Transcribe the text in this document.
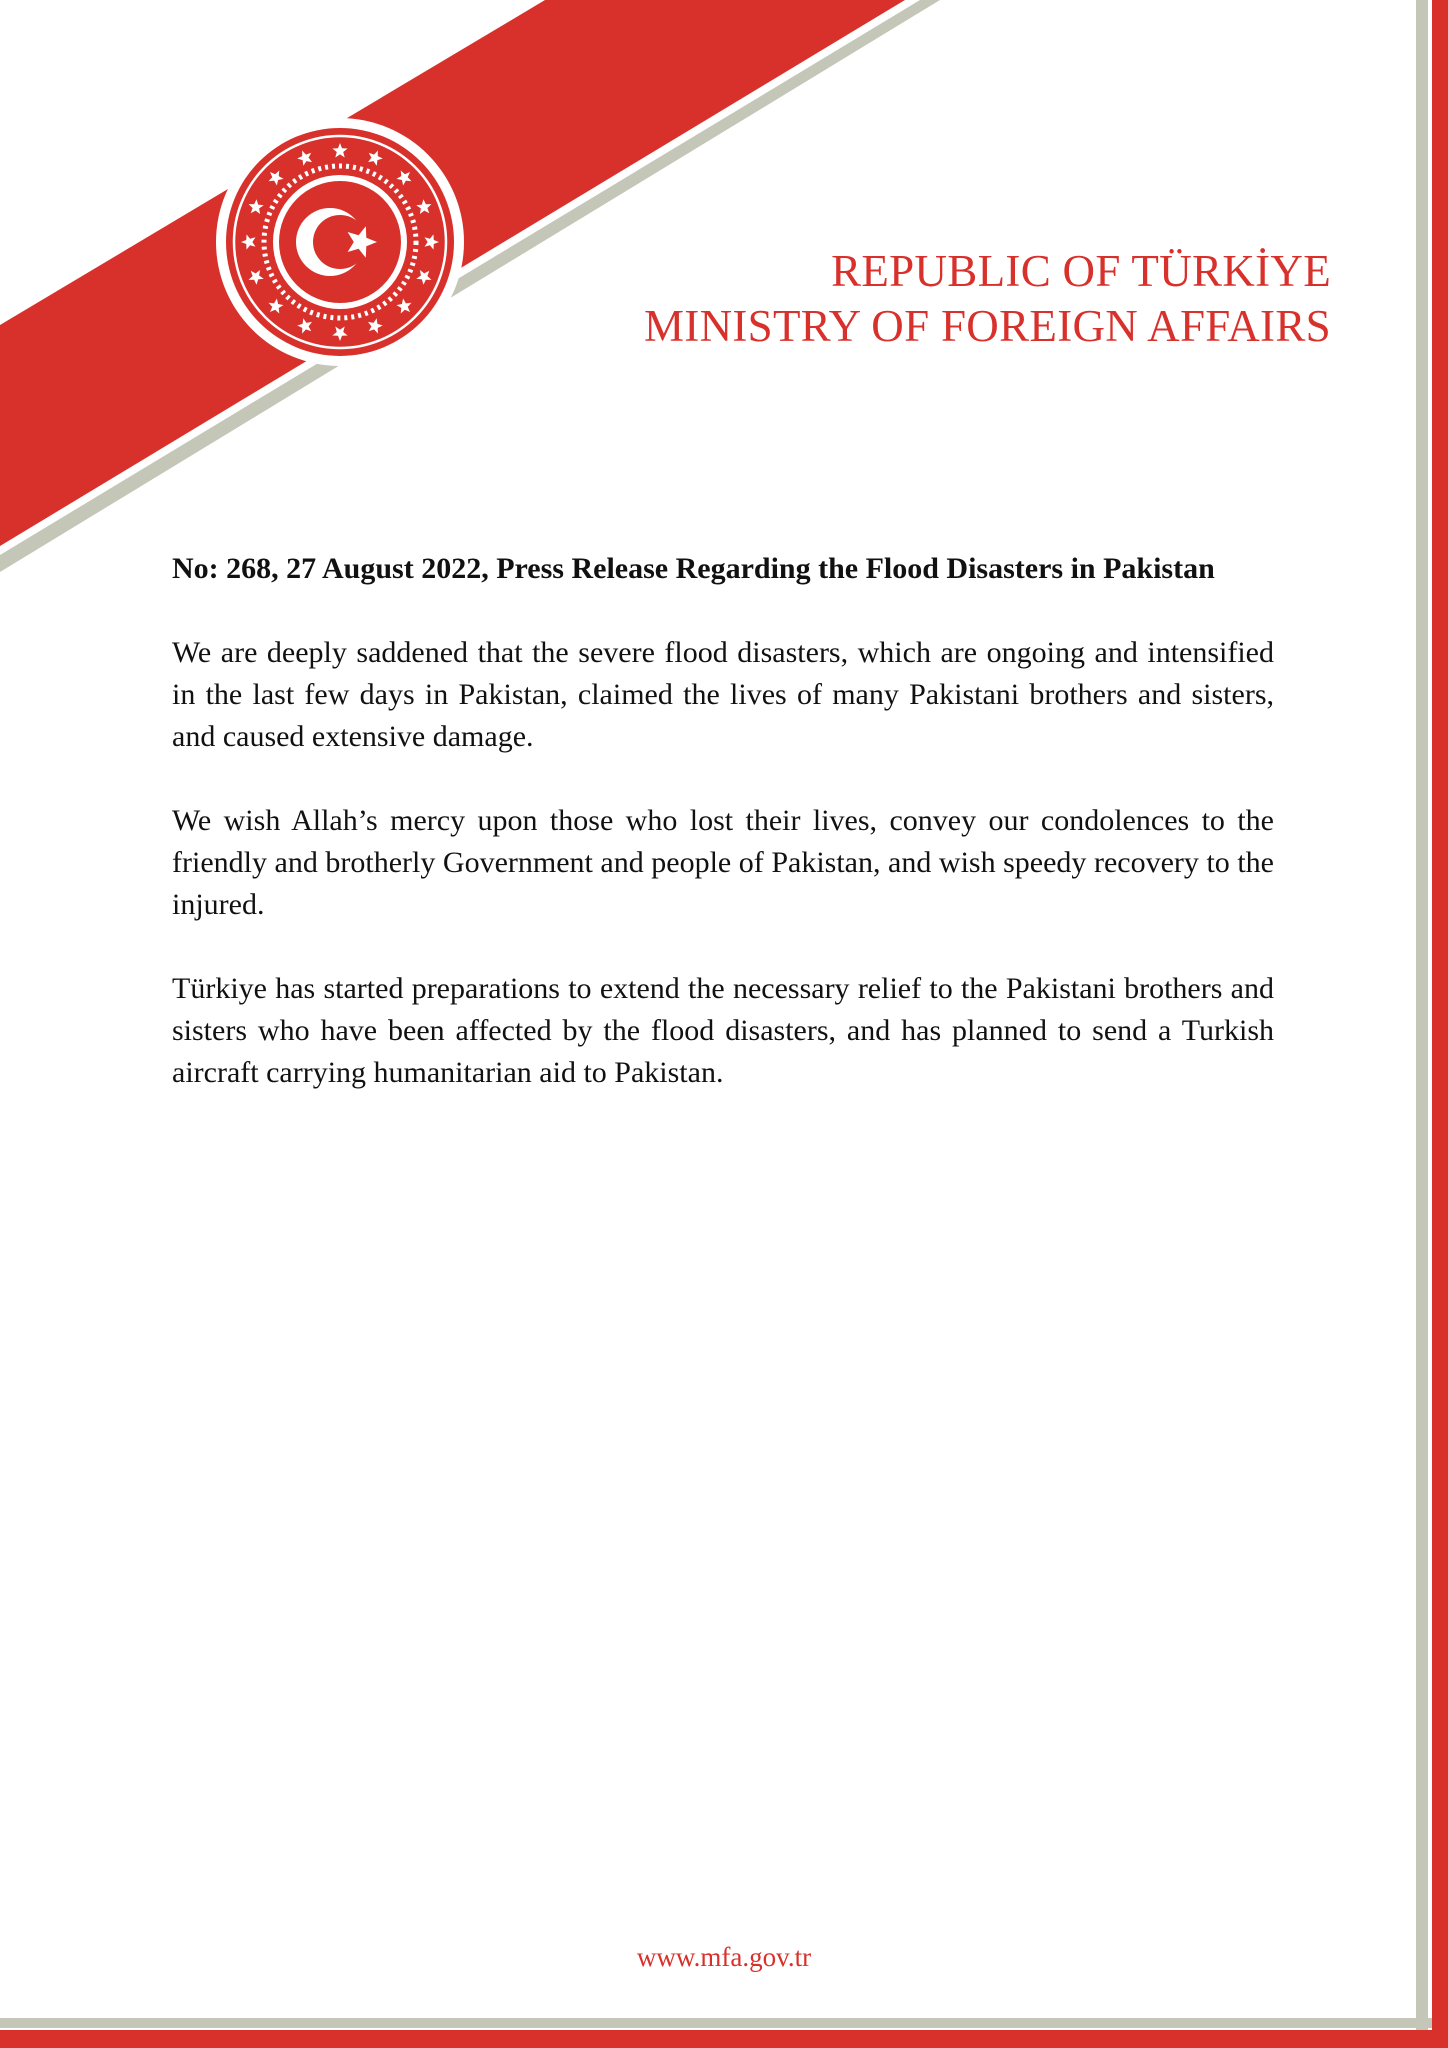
REPUBLIC OF TÜRKİYE
MINISTRY OF FOREIGN AFFAIRS

No: 268, 27 August 2022, Press Release Regarding the Flood Disasters in Pakistan

We are deeply saddened that the severe flood disasters, which are ongoing and intensified in the last few days in Pakistan, claimed the lives of many Pakistani brothers and sisters, and caused extensive damage.

We wish Allah’s mercy upon those who lost their lives, convey our condolences to the friendly and brotherly Government and people of Pakistan, and wish speedy recovery to the injured.

Türkiye has started preparations to extend the necessary relief to the Pakistani brothers and sisters who have been affected by the flood disasters, and has planned to send a Turkish aircraft carrying humanitarian aid to Pakistan.

www.mfa.gov.tr
